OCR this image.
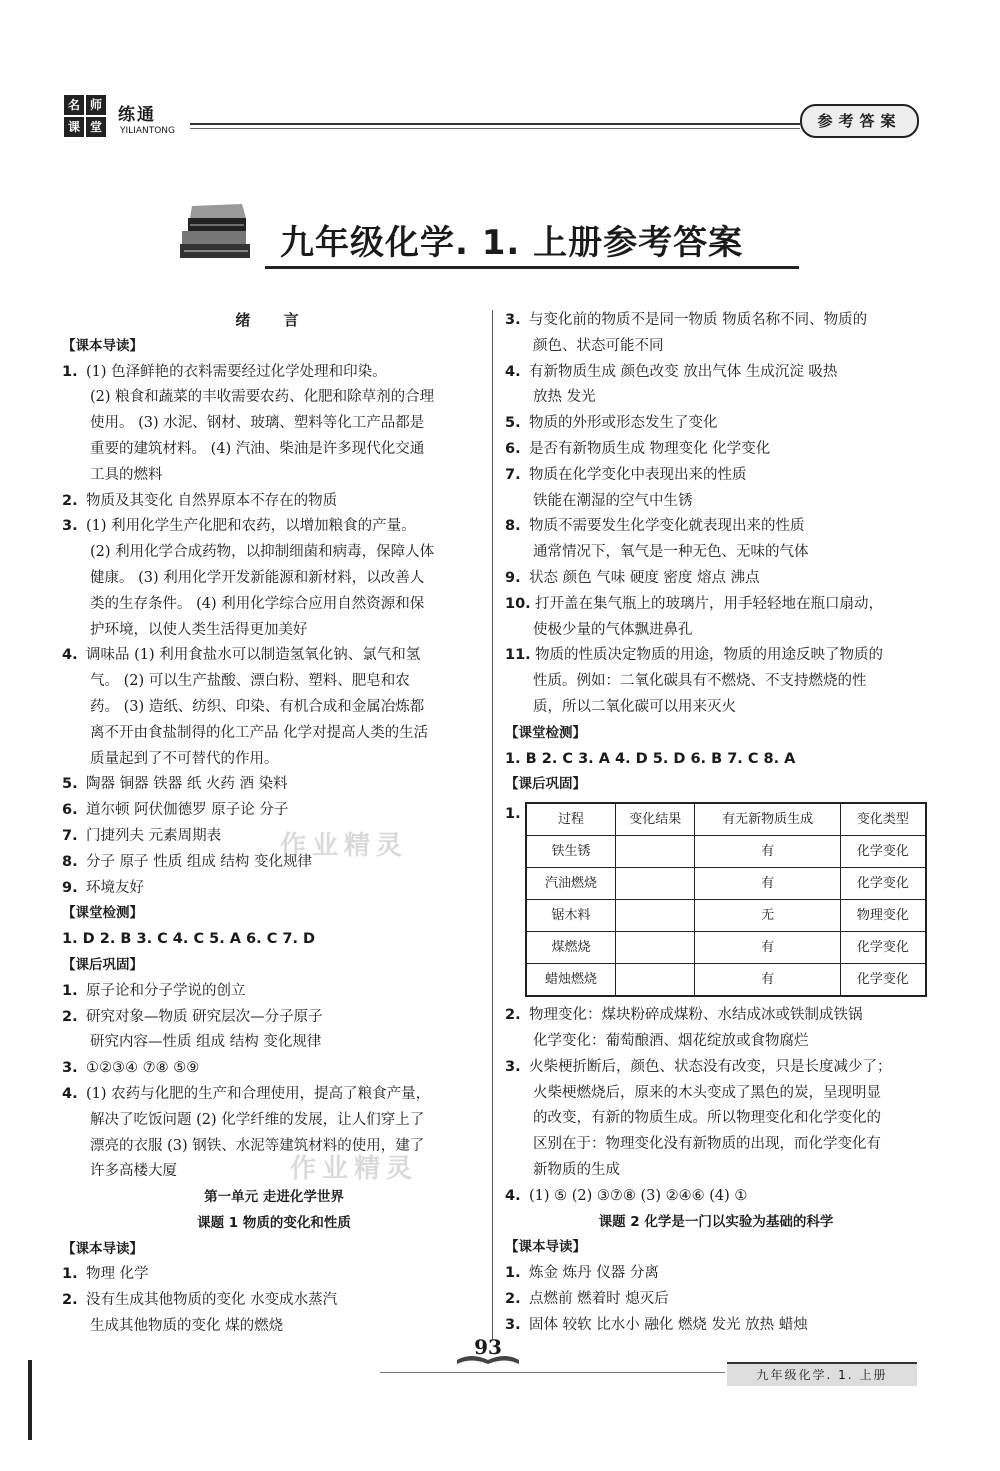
名 师
课 堂
练通
YILIANTONG
参考答案
九年级化学. 1. 上册参考答案
绪 言
【课本导读】
1. (1) 色泽鲜艳的衣料需要经过化学处理和印染。
(2) 粮食和蔬菜的丰收需要农药、化肥和除草剂的合理
使用。 (3) 水泥、钢材、玻璃、塑料等化工产品都是
重要的建筑材料。 (4) 汽油、柴油是许多现代化交通
工具的燃料
2. 物质及其变化 自然界原本不存在的物质
3. (1) 利用化学生产化肥和农药，以增加粮食的产量。
(2) 利用化学合成药物，以抑制细菌和病毒，保障人体
健康。 (3) 利用化学开发新能源和新材料，以改善人
类的生存条件。 (4) 利用化学综合应用自然资源和保
护环境，以使人类生活得更加美好
4. 调味品 (1) 利用食盐水可以制造氢氧化钠、氯气和氢
气。 (2) 可以生产盐酸、漂白粉、塑料、肥皂和农
药。 (3) 造纸、纺织、印染、有机合成和金属冶炼都
离不开由食盐制得的化工产品 化学对提高人类的生活
质量起到了不可替代的作用。
5. 陶器 铜器 铁器 纸 火药 酒 染料
6. 道尔顿 阿伏伽德罗 原子论 分子
7. 门捷列夫 元素周期表
8. 分子 原子 性质 组成 结构 变化规律
9. 环境友好
【课堂检测】
1. D 2. B 3. C 4. C 5. A 6. C 7. D
【课后巩固】
1. 原子论和分子学说的创立
2. 研究对象—物质 研究层次—分子原子
研究内容—性质 组成 结构 变化规律
3. ①②③④ ⑦⑧ ⑤⑨
4. (1) 农药与化肥的生产和合理使用，提高了粮食产量，
解决了吃饭问题 (2) 化学纤维的发展，让人们穿上了
漂亮的衣服 (3) 钢铁、水泥等建筑材料的使用，建了
许多高楼大厦
第一单元 走进化学世界
课题 1 物质的变化和性质
【课本导读】
1. 物理 化学
2. 没有生成其他物质的变化 水变成水蒸汽
生成其他物质的变化 煤的燃烧
3. 与变化前的物质不是同一物质 物质名称不同、物质的
颜色、状态可能不同
4. 有新物质生成 颜色改变 放出气体 生成沉淀 吸热
放热 发光
5. 物质的外形或形态发生了变化
6. 是否有新物质生成 物理变化 化学变化
7. 物质在化学变化中表现出来的性质
铁能在潮湿的空气中生锈
8. 物质不需要发生化学变化就表现出来的性质
通常情况下，氧气是一种无色、无味的气体
9. 状态 颜色 气味 硬度 密度 熔点 沸点
10. 打开盖在集气瓶上的玻璃片，用手轻轻地在瓶口扇动，
使极少量的气体飘进鼻孔
11. 物质的性质决定物质的用途，物质的用途反映了物质的
性质。例如：二氧化碳具有不燃烧、不支持燃烧的性
质，所以二氧化碳可以用来灭火
【课堂检测】
1. B 2. C 3. A 4. D 5. D 6. B 7. C 8. A
【课后巩固】
1.	过程	变化结果	有无新物质生成	变化类型
铁生锈		有	化学变化
汽油燃烧		有	化学变化
锯木料		无	物理变化
煤燃烧		有	化学变化
蜡烛燃烧		有	化学变化
2. 物理变化：煤块粉碎成煤粉、水结成冰或铁制成铁锅
化学变化：葡萄酿酒、烟花绽放或食物腐烂
3. 火柴梗折断后，颜色、状态没有改变，只是长度减少了；
火柴梗燃烧后，原来的木头变成了黑色的炭，呈现明显
的改变，有新的物质生成。所以物理变化和化学变化的
区别在于：物理变化没有新物质的出现，而化学变化有
新物质的生成
4. (1) ⑤ (2) ③⑦⑧ (3) ②④⑥ (4) ①
课题 2 化学是一门以实验为基础的科学
【课本导读】
1. 炼金 炼丹 仪器 分离
2. 点燃前 燃着时 熄灭后
3. 固体 较软 比水小 融化 燃烧 发光 放热 蜡烛
作业精灵
作业精灵
93
九年级化学. 1. 上册
